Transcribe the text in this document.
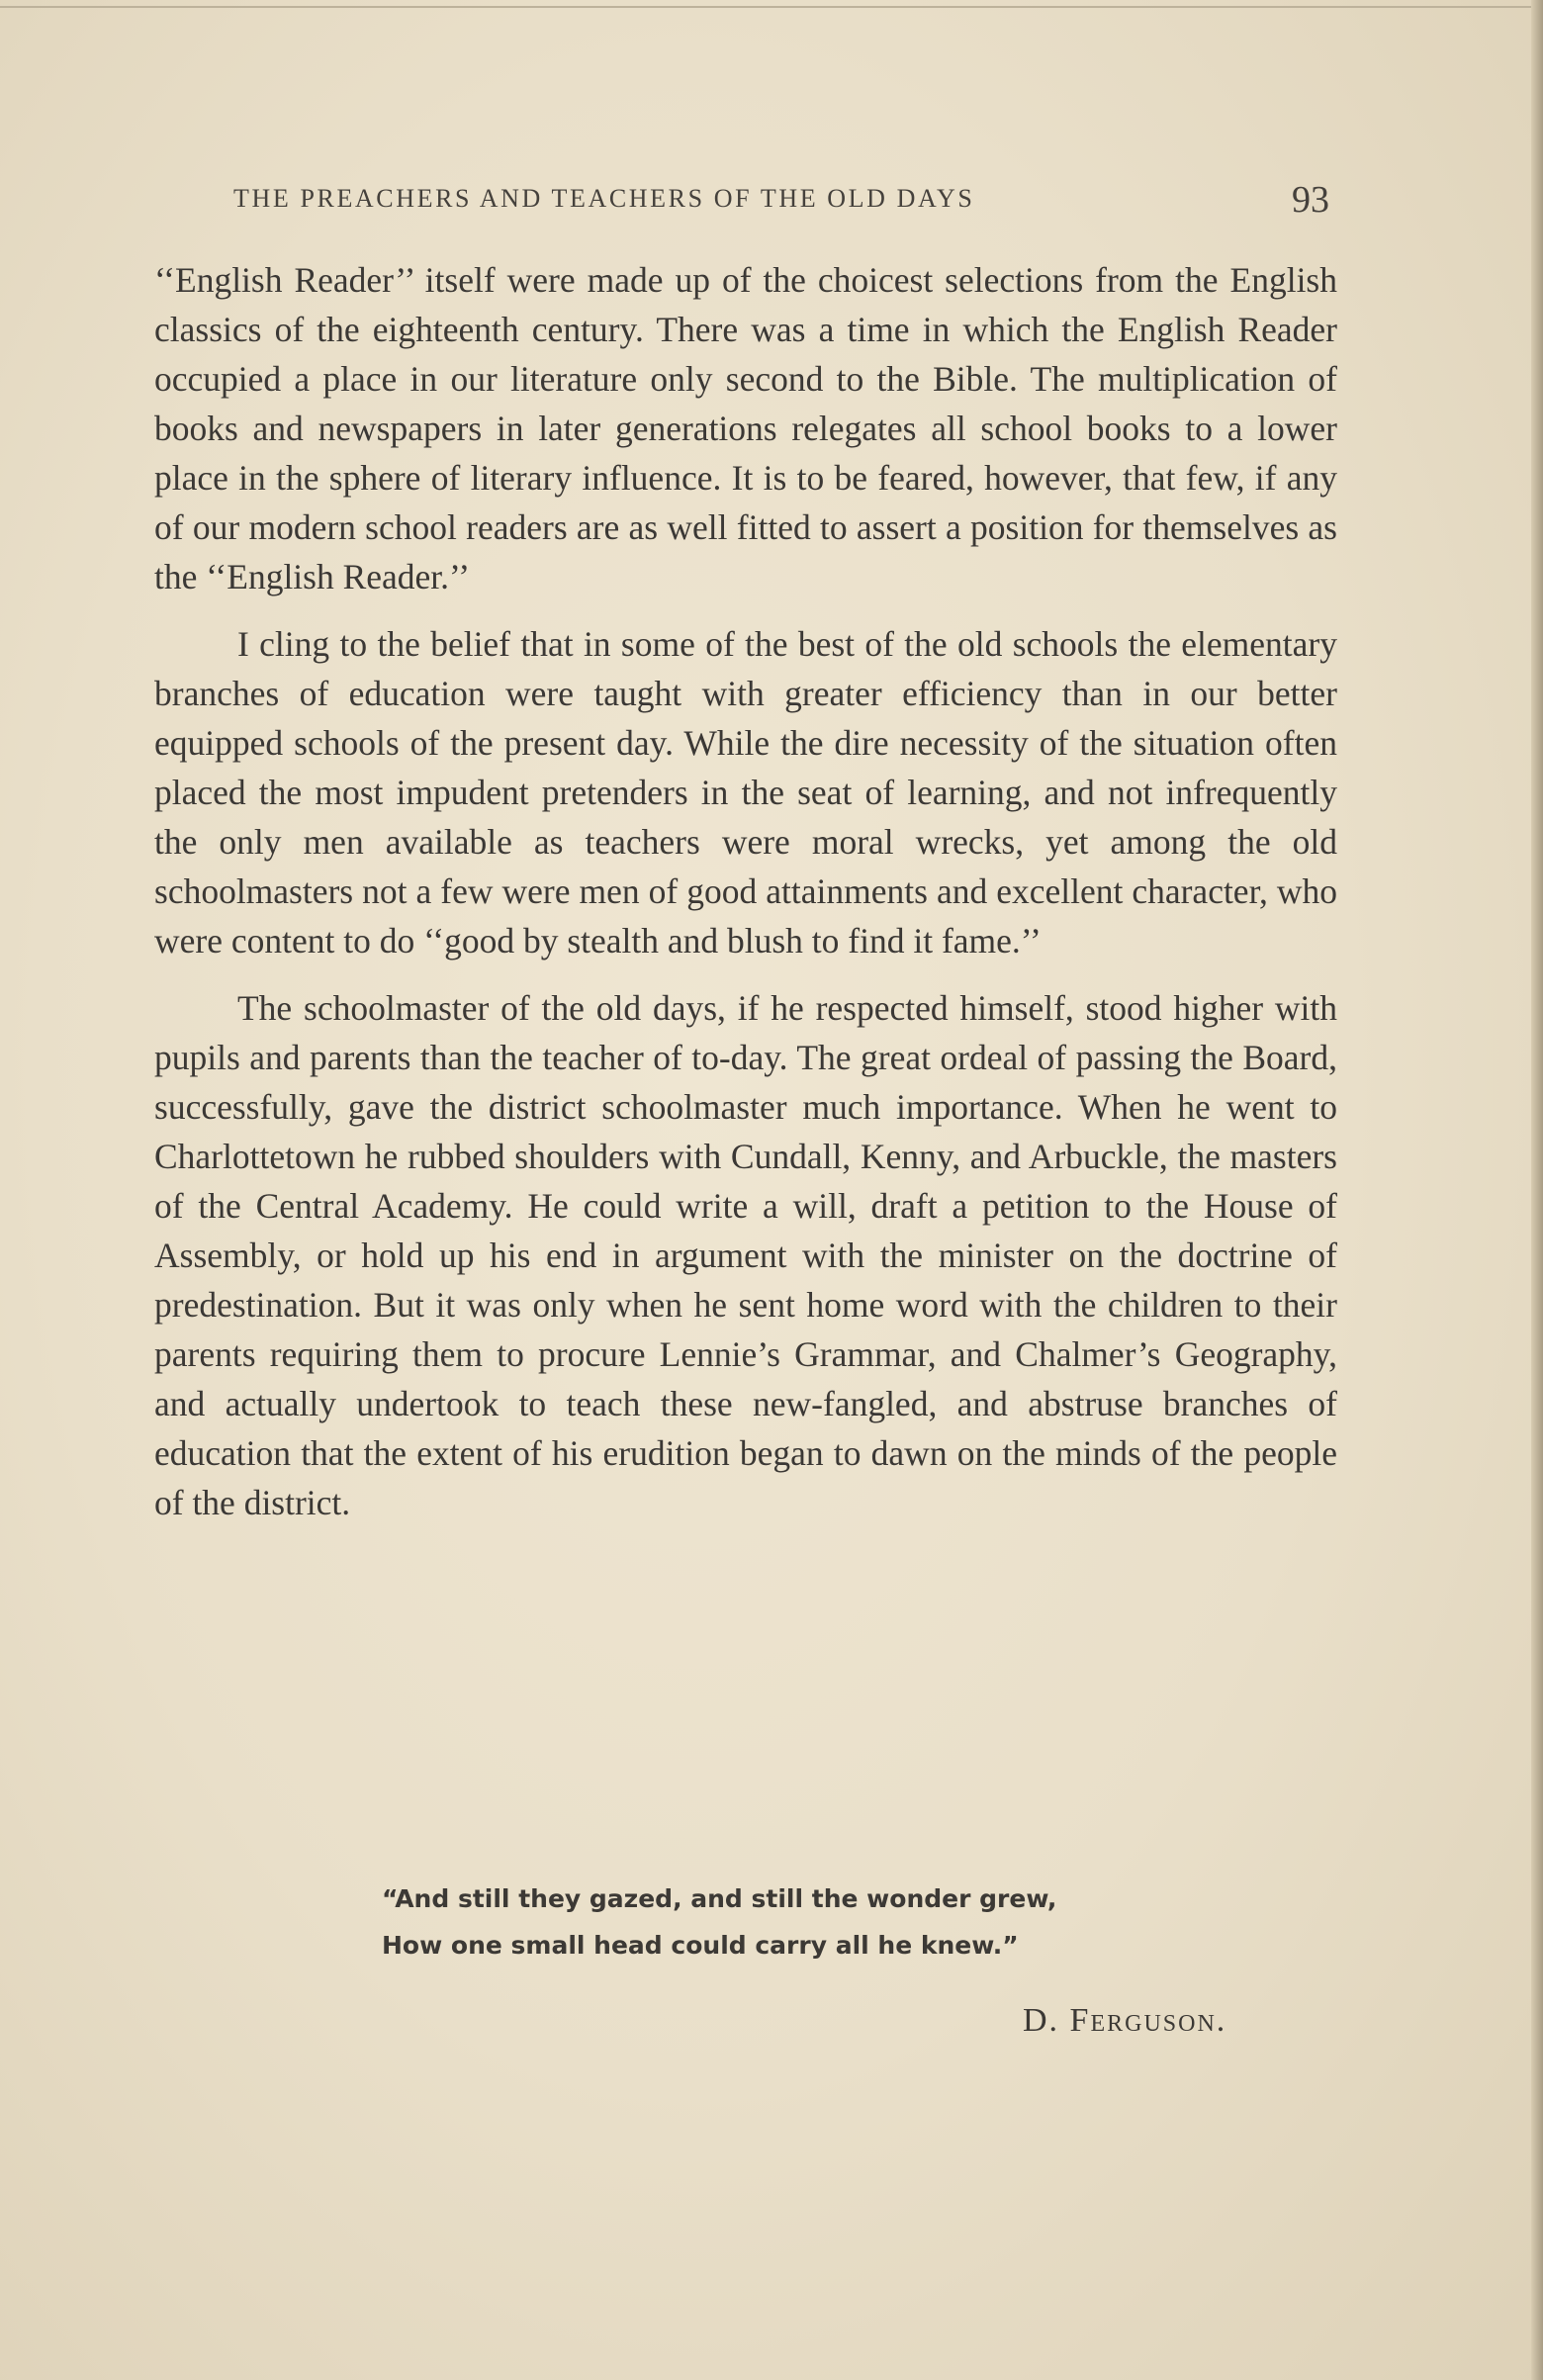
THE PREACHERS AND TEACHERS OF THE OLD DAYS	93

‘‘English Reader’’ itself were made up of the choicest selections from the English classics of the eighteenth century. There was a time in which the English Reader occupied a place in our literature only second to the Bible. The multiplication of books and newspapers in later generations relegates all school books to a lower place in the sphere of literary influence. It is to be feared, however, that few, if any of our modern school readers are as well fitted to assert a position for themselves as the ‘‘English Reader.’’

I cling to the belief that in some of the best of the old schools the elementary branches of education were taught with greater efficiency than in our better equipped schools of the present day. While the dire necessity of the situation often placed the most impudent pretenders in the seat of learning, and not infrequently the only men available as teachers were moral wrecks, yet among the old schoolmasters not a few were men of good attainments and excellent character, who were content to do ‘‘good by stealth and blush to find it fame.’’

The schoolmaster of the old days, if he respected himself, stood higher with pupils and parents than the teacher of to-day. The great ordeal of passing the Board, successfully, gave the district schoolmaster much importance. When he went to Charlottetown he rubbed shoulders with Cundall, Kenny, and Arbuckle, the masters of the Central Academy. He could write a will, draft a petition to the House of Assembly, or hold up his end in argument with the minister on the doctrine of predestination. But it was only when he sent home word with the children to their parents requiring them to procure Lennie’s Grammar, and Chalmer’s Geography, and actually undertook to teach these new-fangled, and abstruse branches of education that the extent of his erudition began to dawn on the minds of the people of the district.

“And still they gazed, and still the wonder grew,
How one small head could carry all he knew.”
D. Ferguson.
